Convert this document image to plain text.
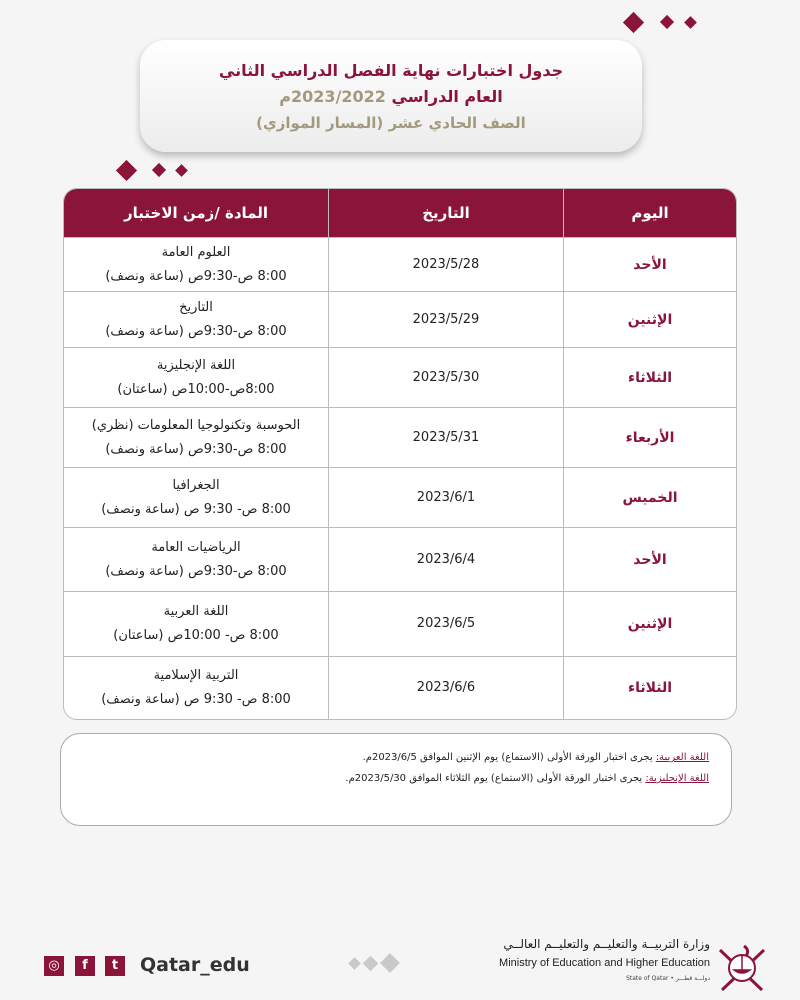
جدول اختبارات نهاية الفصل الدراسي الثاني
العام الدراسي 2023/2022م
الصف الحادي عشر (المسار الموازي)
اليوم	التاريخ	المادة /زمن الاختبار
الأحد	2023/5/28	العلوم العامة
8:00 ص-9:30ص (ساعة ونصف)

الإثنين	2023/5/29	التاريخ
8:00 ص-9:30ص (ساعة ونصف)

الثلاثاء	2023/5/30	اللغة الإنجليزية
8:00ص-10:00ص (ساعتان)

الأربعاء	2023/5/31	الحوسبة وتكنولوجيا المعلومات (نظري)
8:00 ص-9:30ص (ساعة ونصف)

الخميس	2023/6/1	الجغرافيا
8:00 ص- 9:30 ص (ساعة ونصف)

الأحد	2023/6/4	الرياضيات العامة
8:00 ص-9:30ص (ساعة ونصف)

الإثنين	2023/6/5	اللغة العربية
8:00 ص- 10:00ص (ساعتان)

الثلاثاء	2023/6/6	التربية الإسلامية
8:00 ص- 9:30 ص (ساعة ونصف)

اللغة العربية: يجرى اختبار الورقة الأولى (الاستماع) يوم الإثنين الموافق 2023/6/5م.

اللغة الإنجليزية: يجرى اختبار الورقة الأولى (الاستماع) يوم الثلاثاء الموافق 2023/5/30م.

◎	f	t	Qatar_edu
وزارة التربيــة والتعليــم والتعليــم العالــي
Ministry of Education and Higher Education
State of Qatar • دولـــة قطـــر
